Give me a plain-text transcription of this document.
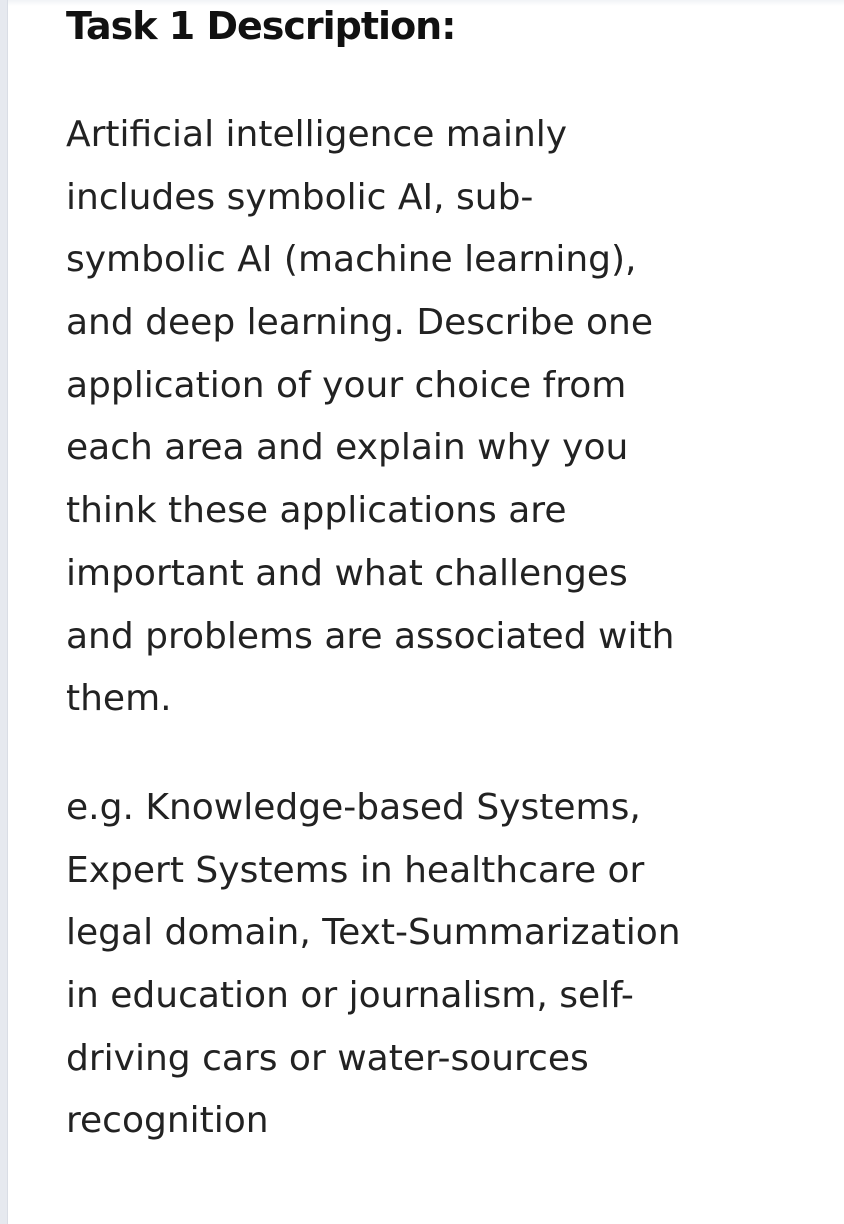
Task 1 Description:

Artificial intelligence mainly
includes symbolic AI, sub-
symbolic AI (machine learning),
and deep learning. Describe one
application of your choice from
each area and explain why you
think these applications are
important and what challenges
and problems are associated with
them.

e.g. Knowledge-based Systems,
Expert Systems in healthcare or
legal domain, Text-Summarization
in education or journalism, self-
driving cars or water-sources
recognition
